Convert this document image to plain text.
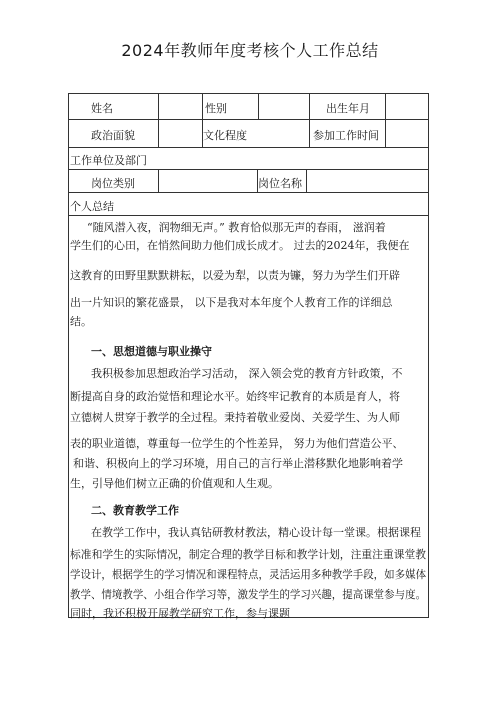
2024年教师年度考核个人工作总结
姓名	性别	出生年月
政治面貌	文化程度	参加工作时间
工作单位及部门
岗位类别	岗位名称
个人总结
“随风潜入夜，润物细无声。” 教育恰似那无声的春雨， 滋润着
学生们的心田，在悄然间助力他们成长成才。 过去的2024年，我便在
这教育的田野里默默耕耘，以爱为犁，以责为镰，努力为学生们开辟
出一片知识的繁花盛景， 以下是我对本年度个人教育工作的详细总
结。
一、思想道德与职业操守
我积极参加思想政治学习活动， 深入领会党的教育方针政策，不
断提高自身的政治觉悟和理论水平。始终牢记教育的本质是育人，将
立德树人贯穿于教学的全过程。秉持着敬业爱岗、关爱学生、为人师
表的职业道德，尊重每一位学生的个性差异， 努力为他们营造公平、
和谐、积极向上的学习环境，用自己的言行举止潜移默化地影响着学
生，引导他们树立正确的价值观和人生观。
二、教育教学工作
在教学工作中，我认真钻研教材教法，精心设计每一堂课。根据课程
标准和学生的实际情况，制定合理的教学目标和教学计划，注重注重课堂教
学设计，根据学生的学习情况和课程特点，灵活运用多种教学手段，如多媒体
教学、情境教学、小组合作学习等，激发学生的学习兴趣，提高课堂参与度。
同时，我还积极开展教学研究工作，参与课题
